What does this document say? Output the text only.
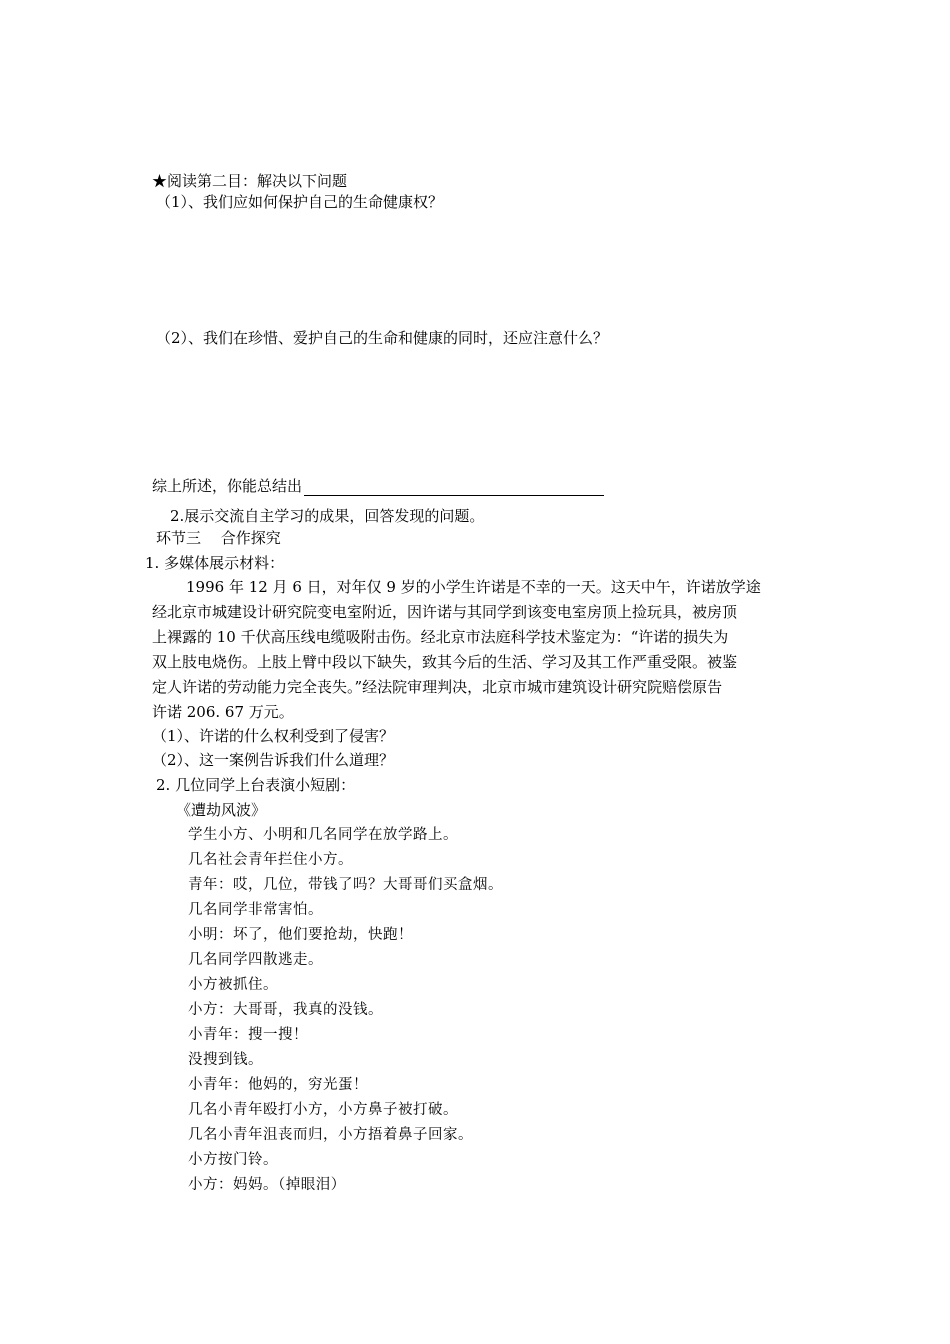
★阅读第二目：解决以下问题
（1）、我们应如何保护自己的生命健康权？
（2）、我们在珍惜、爱护自己的生命和健康的同时，还应注意什么？
综上所述，你能总结出
2.展示交流自主学习的成果，回答发现的问题。
环节三　 合作探究
1. 多媒体展示材料：
1996 年 12 月 6 日，对年仅 9 岁的小学生许诺是不幸的一天。这天中午，许诺放学途
经北京市城建设计研究院变电室附近，因许诺与其同学到该变电室房顶上捡玩具，被房顶
上裸露的 10 千伏高压线电缆吸附击伤。经北京市法庭科学技术鉴定为：“许诺的损失为
双上肢电烧伤。上肢上臂中段以下缺失，致其今后的生活、学习及其工作严重受限。被鉴
定人许诺的劳动能力完全丧失。”经法院审理判决，北京市城市建筑设计研究院赔偿原告
许诺 206. 67 万元。
（1）、许诺的什么权利受到了侵害？
（2）、这一案例告诉我们什么道理？
2. 几位同学上台表演小短剧：
《遭劫风波》
学生小方、小明和几名同学在放学路上。
几名社会青年拦住小方。
青年：哎，几位，带钱了吗？大哥哥们买盒烟。
几名同学非常害怕。
小明：坏了，他们要抢劫，快跑！
几名同学四散逃走。
小方被抓住。
小方：大哥哥，我真的没钱。
小青年：搜一搜！
没搜到钱。
小青年：他妈的，穷光蛋！
几名小青年殴打小方，小方鼻子被打破。
几名小青年沮丧而归，小方捂着鼻子回家。
小方按门铃。
小方：妈妈。（掉眼泪）
